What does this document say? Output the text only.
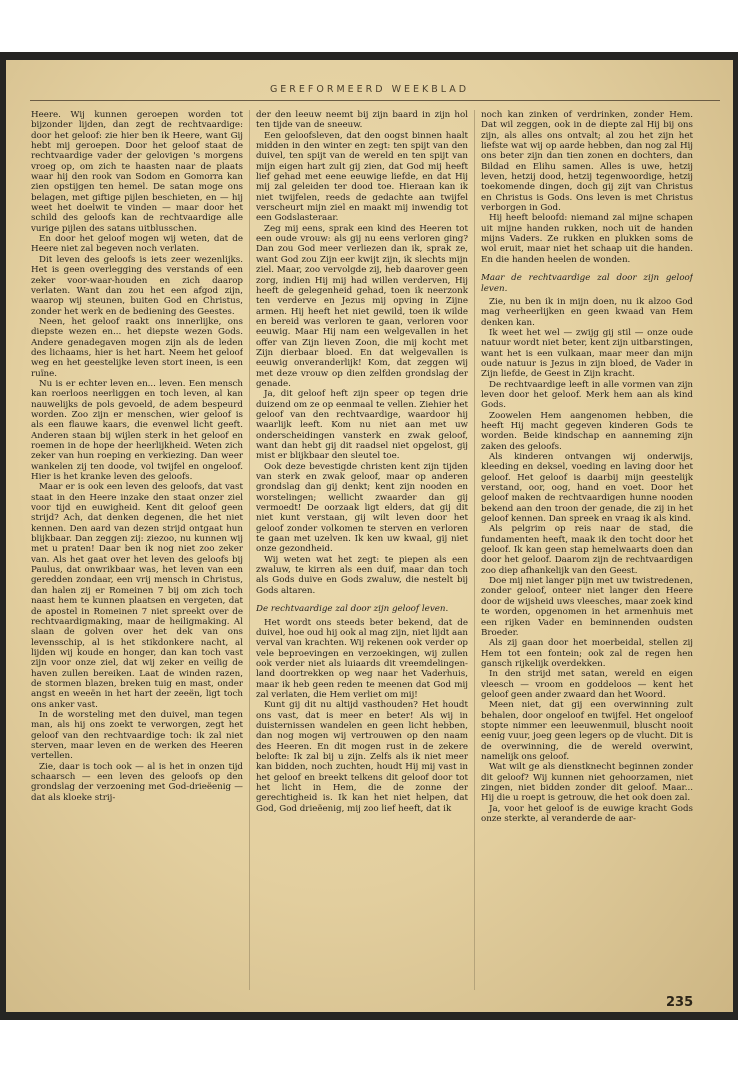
GEREFORMEERD WEEKBLAD

Heere. Wij kunnen geroepen worden tot bijzonder lijden, dan zegt de rechtvaardige: door het geloof: zie hier ben ik Heere, want Gij hebt mij geroepen. Door het geloof staat de rechtvaardige vader der gelovigen 's morgens vroeg op, om zich te haasten naar de plaats waar hij den rook van Sodom en Gomorra kan zien opstijgen ten hemel. De satan moge ons belagen, met giftige pijlen beschieten, en — hij weet het doelwit te vinden — maar door het schild des geloofs kan de rechtvaardige alle vurige pijlen des satans uitblusschen.

En door het geloof mogen wij weten, dat de Heere niet zal begeven noch verlaten.

Dit leven des geloofs is iets zeer wezenlijks. Het is geen overlegging des verstands of een zeker voor-waar-houden en zich daarop verlaten. Want dan zou het een afgod zijn, waarop wij steunen, buiten God en Christus, zonder het werk en de bediening des Geestes.

Neen, het geloof raakt ons innerlijke, ons diepste wezen en... het diepste wezen Gods. Andere genadegaven mogen zijn als de leden des lichaams, hier is het hart. Neem het geloof weg en het geestelijke leven stort ineen, is een ruïne.

Nu is er echter leven en... leven. Een mensch kan roerloos neerliggen en toch leven, al kan nauwelijks de pols gevoeld, de adem bespeurd worden. Zoo zijn er menschen, wier geloof is als een flauwe kaars, die evenwel licht geeft. Anderen staan bij wijlen sterk in het geloof en roemen in de hope der heerlijkheid. Weten zich zeker van hun roeping en verkiezing. Dan weer wankelen zij ten doode, vol twijfel en ongeloof. Hier is het kranke leven des geloofs.

Maar er is ook een leven des geloofs, dat vast staat in den Heere inzake den staat onzer ziel voor tijd en euwigheid. Kent dit geloof geen strijd? Ach, dat denken degenen, die het niet kennen. Den aard van dezen strijd ontgaat hun blijkbaar. Dan zeggen zij: ziezoo, nu kunnen wij met u praten! Daar ben ik nog niet zoo zeker van. Als het gaat over het leven des geloofs bij Paulus, dat onwrikbaar was, het leven van een geredden zondaar, een vrij mensch in Christus, dan halen zij er Romeinen 7 bij om zich toch naast hem te kunnen plaatsen en vergeten, dat de apostel in Romeinen 7 niet spreekt over de rechtvaardigmaking, maar de heiligmaking. Al slaan de golven over het dek van ons levensschip, al is het stikdonkere nacht, al lijden wij koude en honger, dan kan toch vast zijn voor onze ziel, dat wij zeker en veilig de haven zullen bereiken. Laat de winden razen, de stormen blazen, breken tuig en mast, onder angst en weeën in het hart der zeeën, ligt toch ons anker vast.

In de worsteling met den duivel, man tegen man, als hij ons zoekt te verworgen, zegt het geloof van den rechtvaardige toch: ik zal niet sterven, maar leven en de werken des Heeren vertellen.

Zie, daar is toch ook — al is het in onzen tijd schaarsch — een leven des geloofs op den grondslag der verzoening met God-drieëenig — dat als kloeke strij-

der den leeuw neemt bij zijn baard in zijn hol ten tijde van de sneeuw.

Een geloofsleven, dat den oogst binnen haalt midden in den winter en zegt: ten spijt van den duivel, ten spijt van de wereld en ten spijt van mijn eigen hart zult gij zien, dat God mij heeft lief gehad met eene eeuwige liefde, en dat Hij mij zal geleiden ter dood toe. Hieraan kan ik niet twijfelen, reeds de gedachte aan twijfel verscheurt mijn ziel en maakt mij inwendig tot een Godslasteraar.

Zeg mij eens, sprak een kind des Heeren tot een oude vrouw: als gij nu eens verloren ging? Dan zou God meer verliezen dan ik, sprak ze, want God zou Zijn eer kwijt zijn, ik slechts mijn ziel. Maar, zoo vervolgde zij, heb daarover geen zorg, indien Hij mij had willen verderven, Hij heeft de gelegenheid gehad, toen ik neerzonk ten verderve en Jezus mij opving in Zijne armen. Hij heeft het niet gewild, toen ik wilde en bereid was verloren te gaan, verloren voor eeuwig. Maar Hij nam een welgevallen in het offer van Zijn lieven Zoon, die mij kocht met Zijn dierbaar bloed. En dat welgevallen is eeuwig onveranderlijk! Kom, dat zeggen wij met deze vrouw op dien zelfden grondslag der genade.

Ja, dit geloof heft zijn speer op tegen drie duizend om ze op eenmaal te vellen. Ziehier het geloof van den rechtvaardige, waardoor hij waarlijk leeft. Kom nu niet aan met uw onderscheidingen vansterk en zwak geloof, want dan hebt gij dit raadsel niet opgelost, gij mist er blijkbaar den sleutel toe.

Ook deze bevestigde christen kent zijn tijden van sterk en zwak geloof, maar op anderen grondslag dan gij denkt; kent zijn nooden en worstelingen; wellicht zwaarder dan gij vermoedt! De oorzaak ligt elders, dat gij dit niet kunt verstaan, gij wilt leven door het geloof zonder volkomen te sterven en verloren te gaan met uzelven. Ik ken uw kwaal, gij niet onze gezondheid.

Wij weten wat het zegt: te piepen als een zwaluw, te kirren als een duif, maar dan toch als Gods duive en Gods zwaluw, die nestelt bij Gods altaren.

De rechtvaardige zal door zijn geloof leven.

Het wordt ons steeds beter bekend, dat de duivel, hoe oud hij ook al mag zijn, niet lijdt aan verval van krachten. Wij rekenen ook verder op vele beproevingen en verzoekingen, wij zullen ook verder niet als luiaards dit vreemdelingen-land doortrekken op weg naar het Vaderhuis, maar ik heb geen reden te meenen dat God mij zal verlaten, die Hem verliet om mij!

Kunt gij dit nu altijd vasthouden? Het houdt ons vast, dat is meer en beter! Als wij in duisternissen wandelen en geen licht hebben, dan nog mogen wij vertrouwen op den naam des Heeren. En dit mogen rust in de zekere belofte: Ik zal bij u zijn. Zelfs als ik niet meer kan bidden, noch zuchten, houdt Hij mij vast in het geloof en breekt telkens dit geloof door tot het licht in Hem, die de zonne der gerechtigheid is. Ik kan het niet helpen, dat God, God drieëenig, mij zoo lief heeft, dat ik

noch kan zinken of verdrinken, zonder Hem. Dat wil zeggen, ook in de diepte zal Hij bij ons zijn, als alles ons ontvalt; al zou het zijn het liefste wat wij op aarde hebben, dan nog zal Hij ons beter zijn dan tien zonen en dochters, dan Bildad en Elihu samen. Alles is uwe, hetzij leven, hetzij dood, hetzij tegenwoordige, hetzij toekomende dingen, doch gij zijt van Christus en Christus is Gods. Ons leven is met Christus verborgen in God.

Hij heeft beloofd: niemand zal mijne schapen uit mijne handen rukken, noch uit de handen mijns Vaders. Ze rukken en plukken soms de wol eruit, maar niet het schaap uit die handen. En die handen heelen de wonden.

Maar de rechtvaardige zal door zijn geloof leven.

Zie, nu ben ik in mijn doen, nu ik alzoo God mag verheerlijken en geen kwaad van Hem denken kan.

Ik weet het wel — zwijg gij stil — onze oude natuur wordt niet beter, kent zijn uitbarstingen, want het is een vulkaan, maar meer dan mijn oude natuur is Jezus in zijn bloed, de Vader in Zijn liefde, de Geest in Zijn kracht.

De rechtvaardige leeft in alle vormen van zijn leven door het geloof. Merk hem aan als kind Gods.

Zoowelen Hem aangenomen hebben, die heeft Hij macht gegeven kinderen Gods te worden. Beide kindschap en aanneming zijn zaken des geloofs.

Als kinderen ontvangen wij onderwijs, kleeding en deksel, voeding en laving door het geloof. Het geloof is daarbij mijn geestelijk verstand, oor, oog, hand en voet. Door het geloof maken de rechtvaardigen hunne nooden bekend aan den troon der genade, die zij in het geloof kennen. Dan spreek en vraag ik als kind.

Als pelgrim op reis naar de stad, die fundamenten heeft, maak ik den tocht door het geloof. Ik kan geen stap hemelwaarts doen dan door het geloof. Daarom zijn de rechtvaardigen zoo diep afhankelijk van den Geest.

Doe mij niet langer pijn met uw twistredenen, zonder geloof, onteer niet langer den Heere door de wijsheid uws vleesches, maar zoek kind te worden, opgenomen in het armenhuis met een rijken Vader en beminnenden oudsten Broeder.

Als zij gaan door het moerbeidal, stellen zij Hem tot een fontein; ook zal de regen hen gansch rijkelijk overdekken.

In den strijd met satan, wereld en eigen vleesch — vroom en goddeloos — kent het geloof geen ander zwaard dan het Woord.

Meen niet, dat gij een overwinning zult behalen, door ongeloof en twijfel. Het ongeloof stopte nimmer een leeuwenmuil, bluscht nooit eenig vuur, joeg geen legers op de vlucht. Dit is de overwinning, die de wereld overwint, namelijk ons geloof.

Wat wilt ge als dienstknecht beginnen zonder dit geloof? Wij kunnen niet gehoorzamen, niet zingen, niet bidden zonder dit geloof. Maar... Hij die u roept is getrouw, die het ook doen zal.

Ja, voor het geloof is de euwige kracht Gods onze sterkte, al veranderde de aar-

235
